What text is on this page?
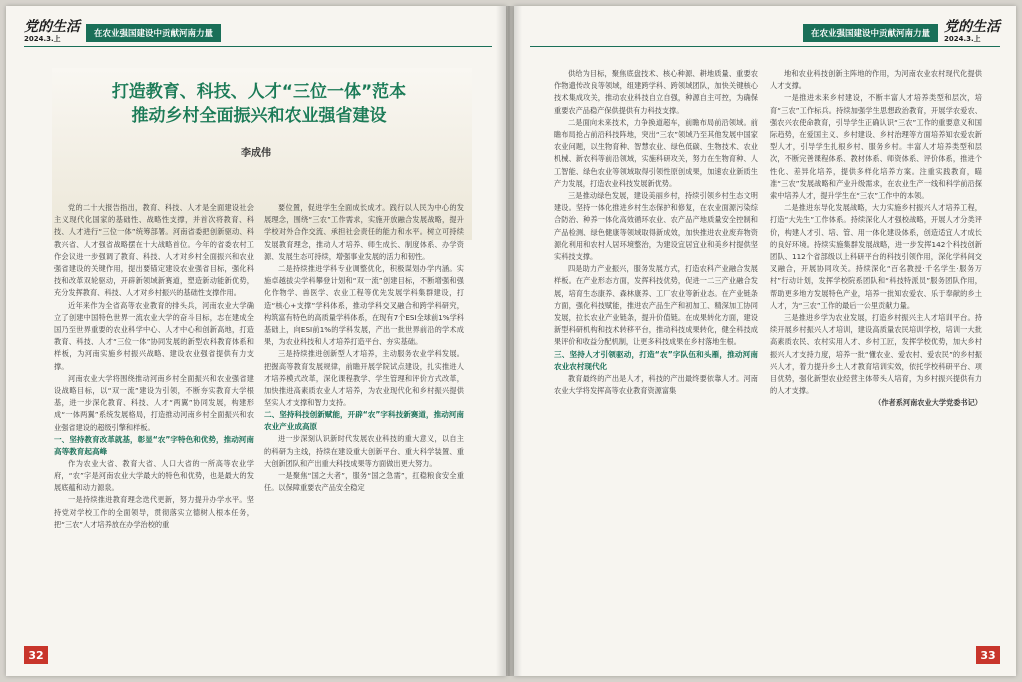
党的生活
2024.3.上	在农业强国建设中贡献河南力量
打造教育、科技、人才“三位一体”范本
推动乡村全面振兴和农业强省建设
李成伟

党的二十大报告指出，教育、科技、人才是全面建设社会主义现代化国家的基础性、战略性支撑，并首次将教育、科技、人才进行“三位一体”统筹部署。河南省委把创新驱动、科教兴省、人才强省战略摆在十大战略首位。今年的省委农村工作会议进一步强调了教育、科技、人才对乡村全面振兴和农业强省建设的关键作用，提出要锚定建设农业强省目标，强化科技和改革双轮驱动，开辟新领域新赛道，塑造新动能新优势，充分发挥教育、科技、人才对乡村振兴的基础性支撑作用。

近年来作为全省高等农业教育的排头兵，河南农业大学确立了创建中国特色世界一流农业大学的奋斗目标，志在建成全国乃至世界重要的农业科学中心、人才中心和创新高地，打造教育、科技、人才“三位一体”协同发展的新型农科教育体系和样板，为河南实施乡村振兴战略、建设农业强省提供有力支撑。

河南农业大学将围绕推动河南乡村全面振兴和农业强省建设战略目标，以“双一流”建设为引领，不断夯实教育大学根基，进一步深化教育、科技、人才“两翼”协同发展，构建形成“一体两翼”系统发展格局，打造推动河南乡村全面振兴和农业强省建设的超级引擎和样板。

一、坚持教育改革就基，彰显“农”字特色和优势，推动河南高等教育起高峰

作为农业大省、教育大省、人口大省的一所高等农业学府，“农”字是河南农业大学最大的特色和优势，也是最大的发展底蕴和动力源泉。

一是持续推进教育理念迭代更新，努力提升办学水平。坚持党对学校工作的全面领导，贯彻落实立德树人根本任务，把“三农”人才培养放在办学治校的重

要位置，促进学生全面成长成才。践行以人民为中心的发展理念，围绕“三农”工作需求，实施开放融合发展战略，提升学校对外合作交流、承担社会责任的能力和水平。树立可持续发展教育理念，推动人才培养、师生成长、制度体系、办学资源、发展生态可持续，增强事业发展的活力和韧性。

二是持续推进学科专业调整优化，积极谋划办学内涵。实施卓越拔尖学科攀登计划和“双一流”创建目标，不断增强和强化作物学、兽医学、农业工程等优先发展学科集群建设，打造“核心+支撑”学科体系，推动学科交叉融合和跨学科研究，构筑富有特色的高质量学科体系，在现有7个ESI全球前1%学科基础上，向ESI前1%的学科发展，产出一批世界前沿的学术成果，为农业科技和人才培养打造平台、夯实基础。

三是持续推进创新型人才培养，主动服务农业学科发展。把握高等教育发展规律，前瞻开展学院试点建设，扎实推进人才培养模式改革，深化课程教学、学生管理和评价方式改革，加快推进高素质农业人才培养，为农业现代化和乡村振兴提供坚实人才支撑和智力支持。

二、坚持科技创新赋能，开辟“农”字科技新赛道，推动河南农业产业成高原

进一步深刻认识新时代发展农业科技的重大意义，以自主的科研为主线，持续在建设重大创新平台、重大科学装置、重大创新团队和产出重大科技成果等方面做出更大努力。

一是聚焦“国之大者”，服务“国之急需”，扛稳粮食安全重任。以保障重要农产品安全稳定

32
党的生活
2024.3.上
在农业强国建设中贡献河南力量

供给为目标，聚焦底盘技术、核心种源、耕地质量、重要农作物遗传改良等领域，组建跨学科、跨领域团队，加快关键核心技术集成攻关，推动农业科技自立自强，种源自主可控，为确保重要农产品稳产保供提供有力科技支撑。

二是面向未来技术，力争换道超车，前瞻布局前沿领域。前瞻布局抢占前沿科技阵地，突出“三农”领域乃至其他发展中国家农业问题，以生物育种、智慧农业、绿色低碳、生物技术、农业机械、新农科等前沿领域，实施科研攻关，努力在生物育种、人工智能、绿色农业等领域取得引领性原创成果，加速农业新质生产力发展，打造农业科技发展新优势。

三是推动绿色发展，建设美丽乡村，持续引领乡村生态文明建设。坚持一体化推进乡村生态保护和修复，在农业面源污染综合防治、种养一体化高效循环农业、农产品产地质量安全控制和产品检测、绿色健康等领域取得新成效，加快推进农业废弃物资源化利用和农村人居环境整治，为建设宜居宜业和美乡村提供坚实科技支撑。

四是助力产业振兴，服务发展方式，打造农科产业融合发展样板。在产业形态方面，发挥科技优势，促进一二三产业融合发展，培育生态康养、森林康养、工厂农业等新业态。在产业链条方面，强化科技赋能，推进农产品生产和初加工、精深加工协同发展，拉长农业产业链条，提升价值链。在成果转化方面，建设新型科研机构和技术转移平台，推动科技成果转化，健全科技成果评价和收益分配机制，让更多科技成果在乡村落地生根。

三、坚持人才引领驱动，打造“农”字队伍和头雁，推动河南农业农村现代化

教育最终的产出是人才，科技的产出最终要依靠人才。河南农业大学将发挥高等农业教育资源富集

地和农业科技创新主阵地的作用，为河南农业农村现代化提供人才支撑。

一是推进未来乡村建设，不断丰富人才培养类型和层次，培育“三农”工作标兵。持续加强学生思想政治教育，开展学农爱农、强农兴农使命教育，引导学生正确认识“三农”工作的重要意义和国际趋势，在爱国主义、乡村建设、乡村治理等方面培养知农爱农新型人才，引导学生扎根乡村、服务乡村。丰富人才培养类型和层次，不断完善课程体系、教材体系、师资体系、评价体系，推进个性化、差异化培养，提供多样化培养方案。注重实践教育，瞄准“三农”发展战略和产业升级需求，在农业生产一线和科学前沿探索中培养人才，提升学生在“三农”工作中的本领。

二是推进东导化发展战略，大力实施乡村振兴人才培养工程，打造“大先生”工作体系。持续深化人才强校战略，开展人才分类评价，构建人才引、培、管、用一体化建设体系，创造适宜人才成长的良好环境。持续实施集群发展战略，进一步发挥142个科技创新团队、112个省部级以上科研平台的科技引领作用，深化学科间交叉融合，开展协同攻关。持续深化“百名教授·千名学生·服务万村”行动计划，发挥学校院系团队和“科技特派员”服务团队作用，帮助更多地方发展特色产业，培养一批知农爱农、乐于奉献的乡土人才，为“三农”工作的最后一公里贡献力量。

三是推进乡学为农业发展，打造乡村振兴主人才培训平台。持续开展乡村振兴人才培训，建设高质量农民培训学校，培训一大批高素质农民、农村实用人才、乡村工匠，发挥学校优势，加大乡村振兴人才支持力度，培养一批“懂农业、爱农村、爱农民”的乡村振兴人才，着力提升乡土人才教育培训实效，依托学校科研平台、项目优势，强化新型农业经营主体带头人培育，为乡村振兴提供有力的人才支撑。

（作者系河南农业大学党委书记）

33
